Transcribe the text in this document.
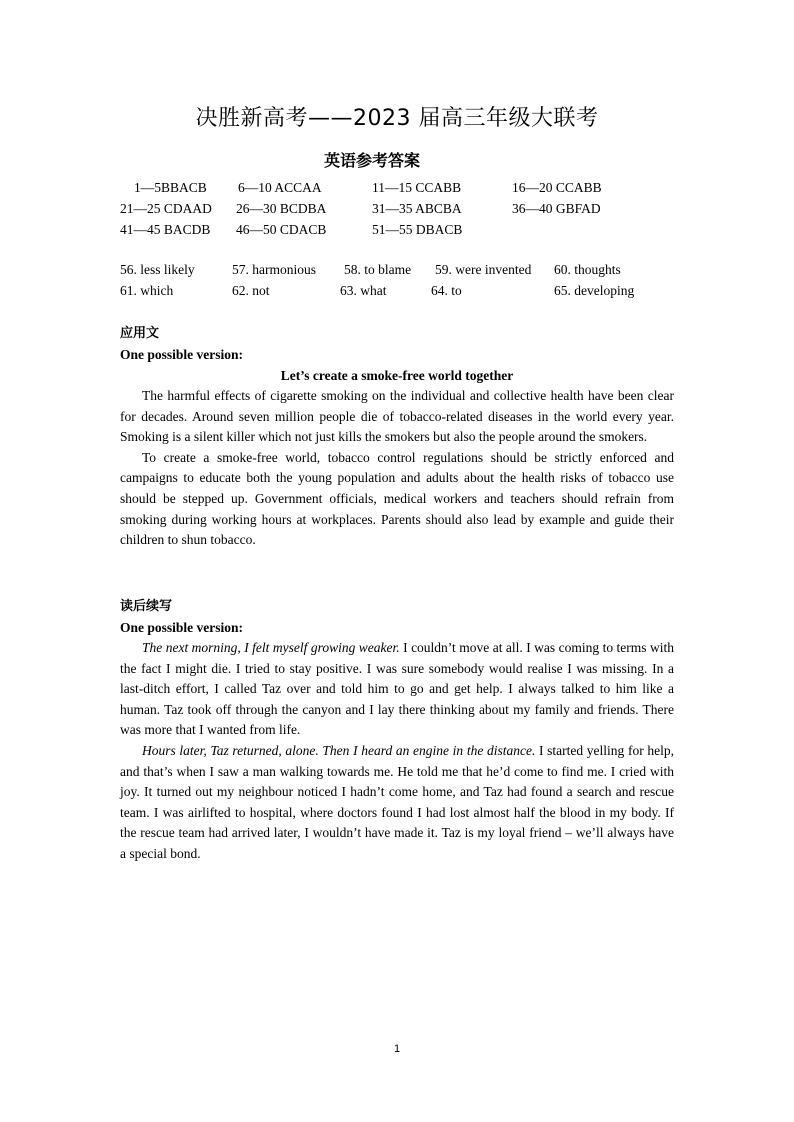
决胜新高考——2023 届高三年级大联考
英语参考答案
1—5BBACB 6—10 ACCAA	11—15 CCABB	16—20 CCABB
21—25 CDAAD 26—30 BCDBA	31—35 ABCBA	36—40 GBFAD
41—45 BACDB 46—50 CDACB	51—55 DBACB
56. less likely	57. harmonious 58. to blame 59. were invented 60. thoughts
61. which	62. not	63. what	64. to	65. developing
应用文
One possible version:
Let’s create a smoke-free world together

The harmful effects of cigarette smoking on the individual and collective health have been clear for decades. Around seven million people die of tobacco-related diseases in the world every year. Smoking is a silent killer which not just kills the smokers but also the people around the smokers.

To create a smoke-free world, tobacco control regulations should be strictly enforced and campaigns to educate both the young population and adults about the health risks of tobacco use should be stepped up. Government officials, medical workers and teachers should refrain from smoking during working hours at workplaces. Parents should also lead by example and guide their children to shun tobacco.

读后续写
One possible version:

The next morning, I felt myself growing weaker. I couldn’t move at all. I was coming to terms with the fact I might die. I tried to stay positive. I was sure somebody would realise I was missing. In a last-ditch effort, I called Taz over and told him to go and get help. I always talked to him like a human. Taz took off through the canyon and I lay there thinking about my family and friends. There was more that I wanted from life.

Hours later, Taz returned, alone. Then I heard an engine in the distance. I started yelling for help, and that’s when I saw a man walking towards me. He told me that he’d come to find me. I cried with joy. It turned out my neighbour noticed I hadn’t come home, and Taz had found a search and rescue team. I was airlifted to hospital, where doctors found I had lost almost half the blood in my body. If the rescue team had arrived later, I wouldn’t have made it. Taz is my loyal friend – we’ll always have a special bond.

1
